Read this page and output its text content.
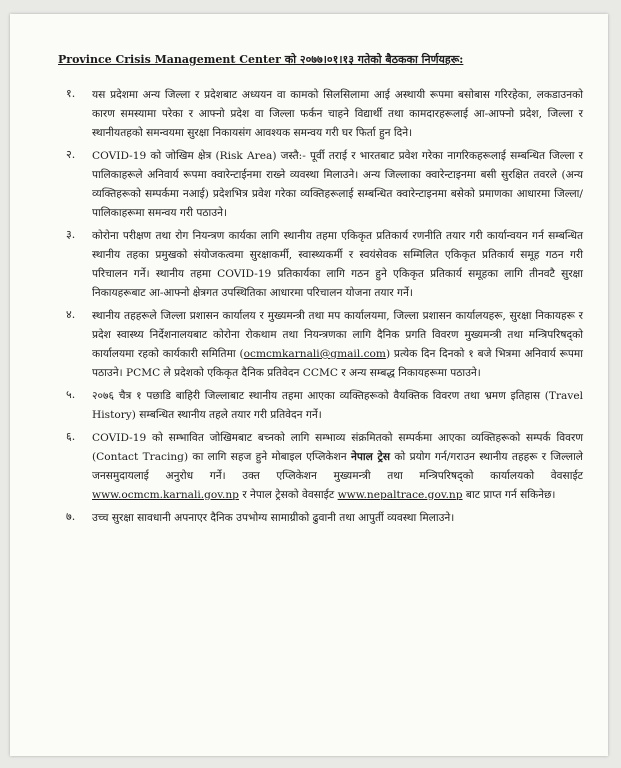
Province Crisis Management Center को २०७७।०१।१३ गतेको बैठकका निर्णयहरू:
१.	यस प्रदेशमा अन्य जिल्ला र प्रदेशबाट अध्ययन वा कामको सिलसिलामा आई अस्थायी रूपमा बसोबास गरिरहेका, लकडाउनको कारण समस्यामा परेका र आफ्नो प्रदेश वा जिल्ला फर्कन चाहने विद्यार्थी तथा कामदारहरूलाई आ-आफ्नो प्रदेश, जिल्ला र स्थानीयतहको समन्वयमा सुरक्षा निकायसंग आवश्यक समन्वय गरी घर फिर्ता हुन दिने।
२.	COVID-19 को जोखिम क्षेत्र (Risk Area) जस्तै:- पूर्वी तराई र भारतबाट प्रवेश गरेका नागरिकहरूलाई सम्बन्धित जिल्ला र पालिकाहरूले अनिवार्य रूपमा क्वारेन्टाईनमा राख्ने व्यवस्था मिलाउने। अन्य जिल्लाका क्वारेन्टाइनमा बसी सुरक्षित तवरले (अन्य व्यक्तिहरूको सम्पर्कमा नआई) प्रदेशभित्र प्रवेश गरेका व्यक्तिहरूलाई सम्बन्धित क्वारेन्टाइनमा बसेको प्रमाणका आधारमा जिल्ला/पालिकाहरूमा समन्वय गरी पठाउने।
३.	कोरोना परीक्षण तथा रोग नियन्त्रण कार्यका लागि स्थानीय तहमा एकिकृत प्रतिकार्य रणनीति तयार गरी कार्यान्वयन गर्न सम्बन्धित स्थानीय तहका प्रमुखको संयोजकत्वमा सुरक्षाकर्मी, स्वास्थ्यकर्मी र स्वयंसेवक सम्मिलित एकिकृत प्रतिकार्य समूह गठन गरी परिचालन गर्ने। स्थानीय तहमा COVID-19 प्रतिकार्यका लागि गठन हुने एकिकृत प्रतिकार्य समूहका लागि तीनवटै सुरक्षा निकायहरूबाट आ-आफ्नो क्षेत्रगत उपस्थितिका आधारमा परिचालन योजना तयार गर्ने।
४.	स्थानीय तहहरूले जिल्ला प्रशासन कार्यालय र मुख्यमन्त्री तथा मप कार्यालयमा, जिल्ला प्रशासन कार्यालयहरू, सुरक्षा निकायहरू र प्रदेश स्वास्थ्य निर्देशनालयबाट कोरोना रोकथाम तथा नियन्त्रणका लागि दैनिक प्रगति विवरण मुख्यमन्त्री तथा मन्त्रिपरिषद्को कार्यालयमा रहको कार्यकारी समितिमा (ocmcmkarnali@gmail.com) प्रत्येक दिन दिनको १ बजे भित्रमा अनिवार्य रूपमा पठाउने। PCMC ले प्रदेशको एकिकृत दैनिक प्रतिवेदन CCMC र अन्य सम्बद्ध निकायहरूमा पठाउने।
५.	२०७६ चैत्र १ पछाडि बाहिरी जिल्लाबाट स्थानीय तहमा आएका व्यक्तिहरूको वैयक्तिक विवरण तथा भ्रमण इतिहास (Travel History) सम्बन्धित स्थानीय तहले तयार गरी प्रतिवेदन गर्ने।
६.	COVID-19 को सम्भावित जोखिमबाट बच्नको लागि सम्भाव्य संक्रमितको सम्पर्कमा आएका व्यक्तिहरूको सम्पर्क विवरण (Contact Tracing) का लागि सहज हुने मोबाइल एप्लिकेशन नेपाल ट्रेस को प्रयोग गर्न/गराउन स्थानीय तहहरू र जिल्लाले जनसमुदायलाई अनुरोध गर्ने। उक्त एप्लिकेशन मुख्यमन्त्री तथा मन्त्रिपरिषद्को कार्यालयको वेवसाईट www.ocmcm.karnali.gov.np र नेपाल ट्रेसको वेवसाईट www.nepaltrace.gov.np बाट प्राप्त गर्न सकिनेछ।
७.	उच्च सुरक्षा सावधानी अपनाएर दैनिक उपभोग्य सामाग्रीको ढुवानी तथा आपुर्ती व्यवस्था मिलाउने।
